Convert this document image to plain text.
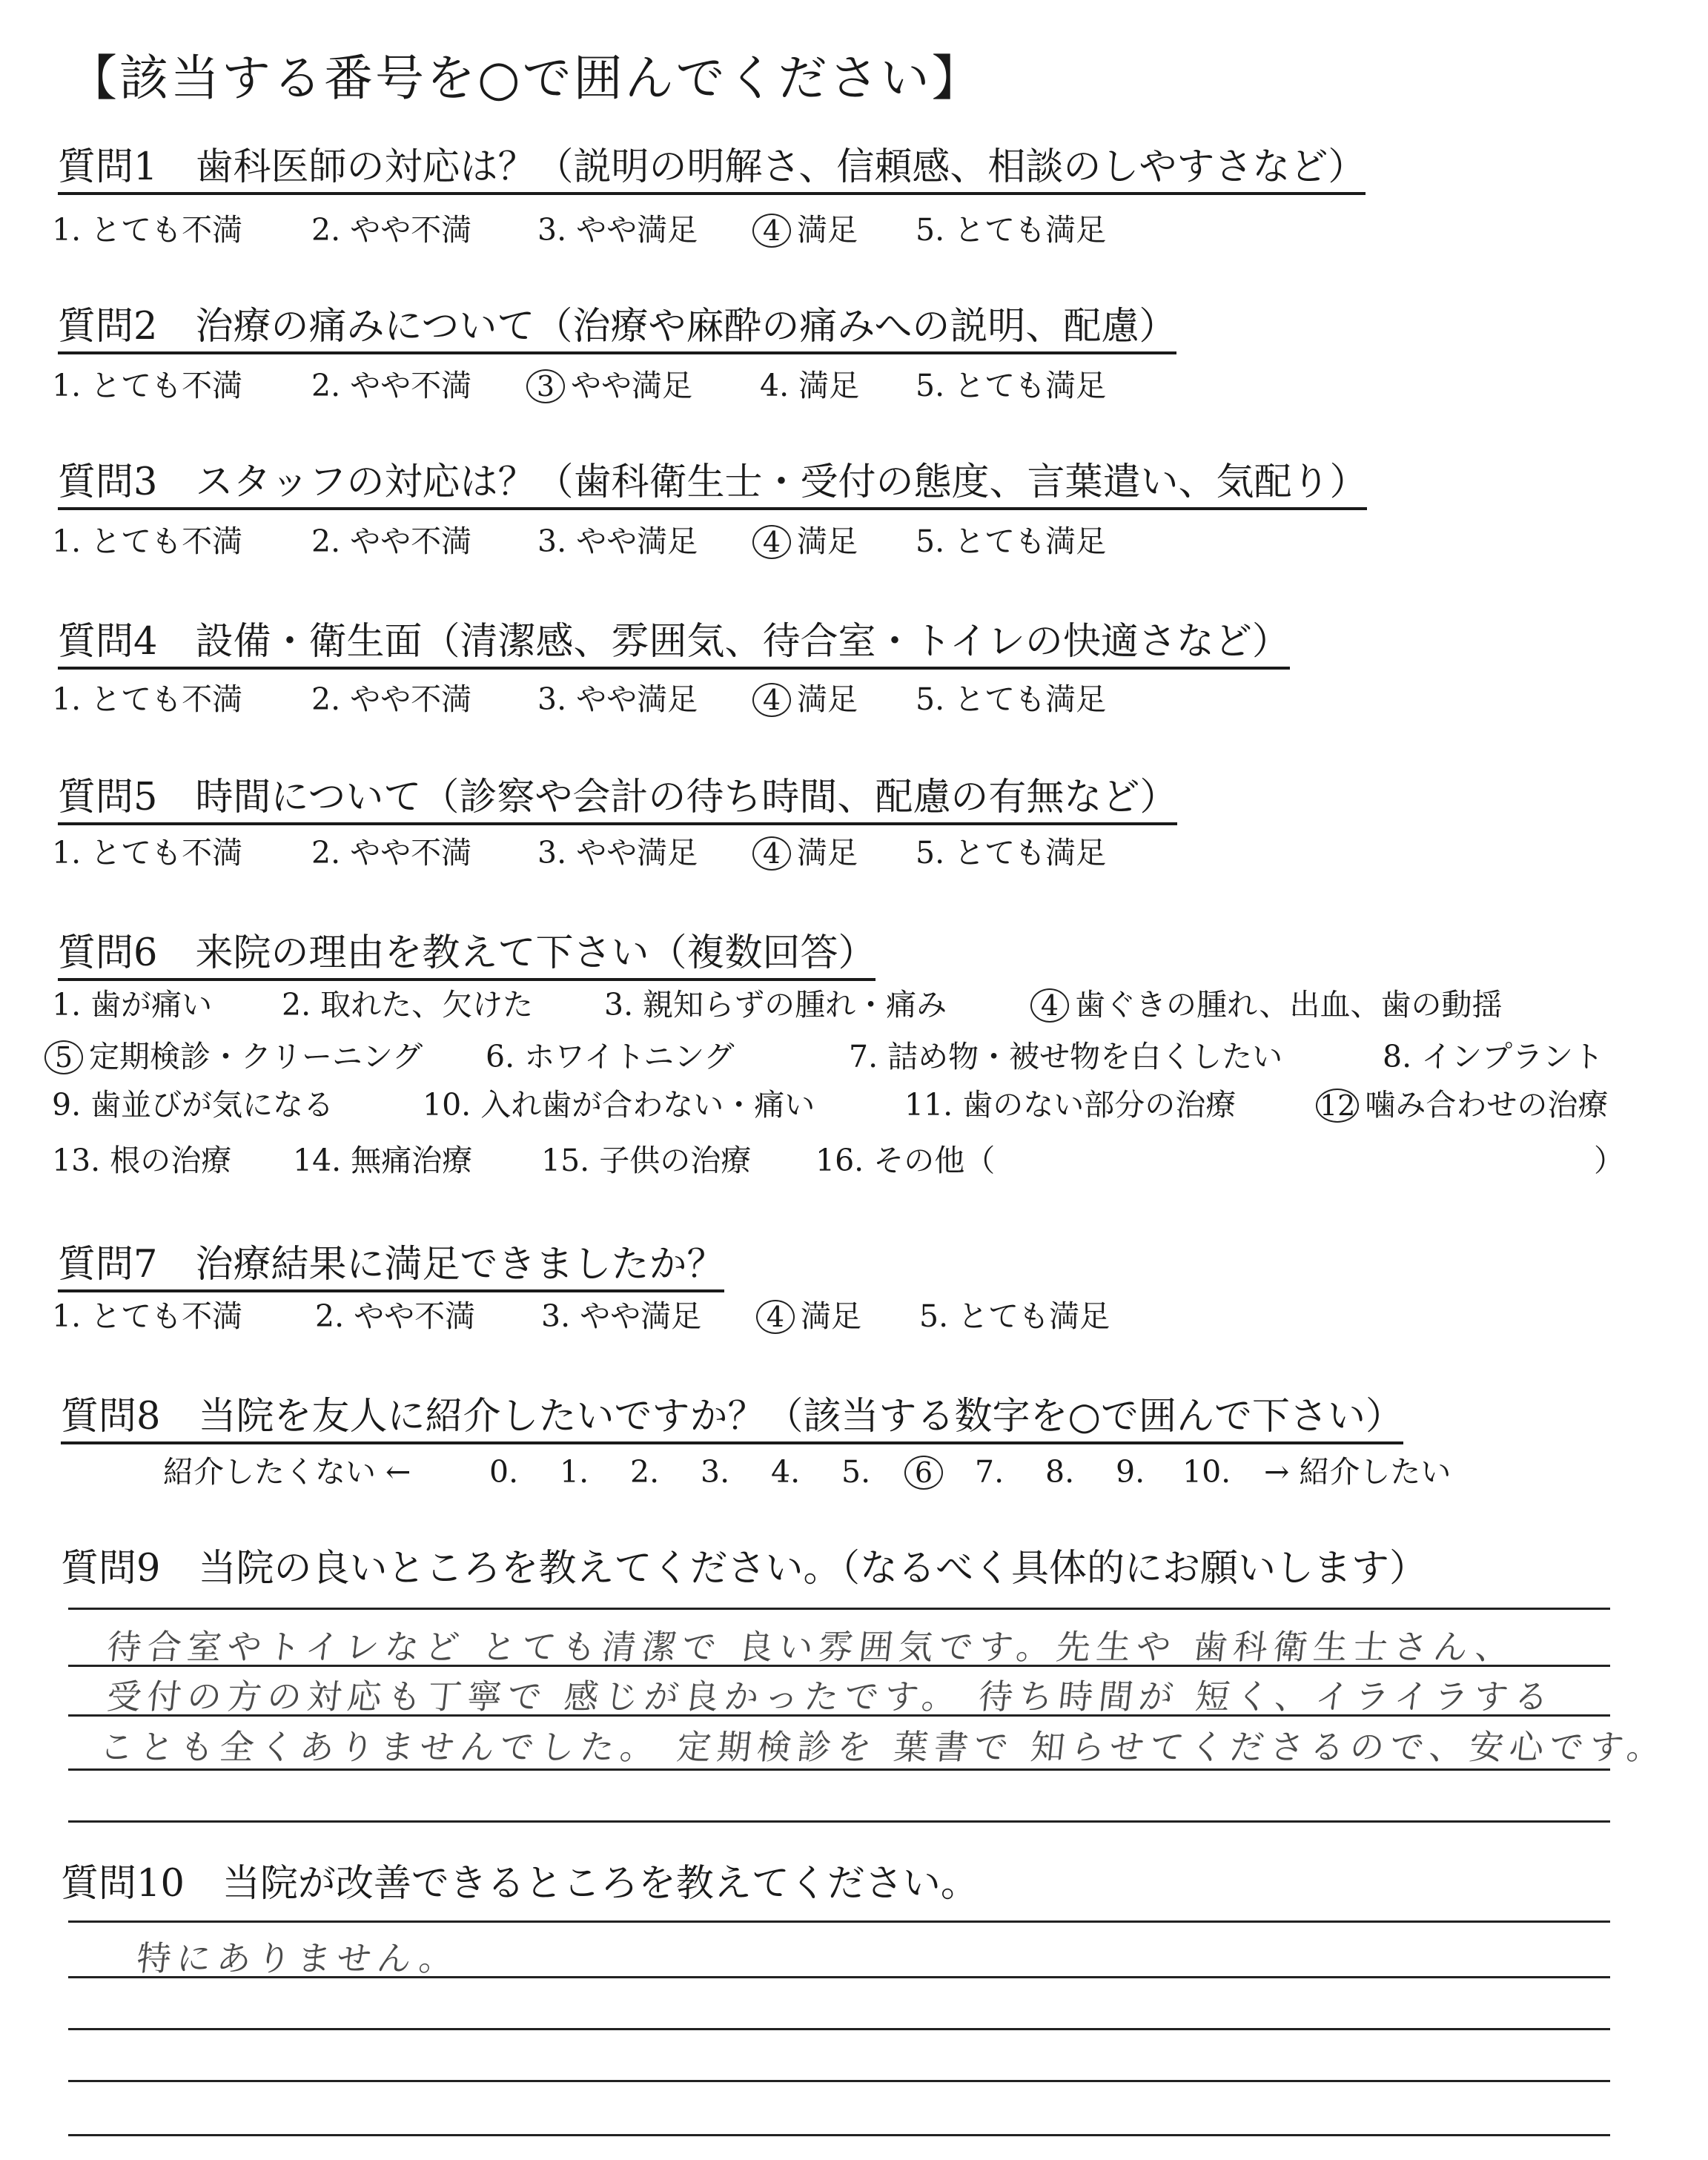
【該当する番号を○で囲んでください】
質問1　歯科医師の対応は？（説明の明解さ、信頼感、相談のしやすさなど）
1. とても不満 2. やや不満 3. やや満足	4 満足 5. とても満足
質問2　治療の痛みについて（治療や麻酔の痛みへの説明、配慮）
1. とても不満 2. やや不満	3 やや満足 4. 満足 5. とても満足
質問3　スタッフの対応は？（歯科衛生士・受付の態度、言葉遣い、気配り）
1. とても不満 2. やや不満 3. やや満足	4 満足 5. とても満足
質問4　設備・衛生面（清潔感、雰囲気、待合室・トイレの快適さなど）
1. とても不満 2. やや不満 3. やや満足	4 満足 5. とても満足
質問5　時間について（診察や会計の待ち時間、配慮の有無など）
1. とても不満 2. やや不満 3. やや満足	4 満足 5. とても満足
質問6　来院の理由を教えて下さい（複数回答）
1. 歯が痛い 2. 取れた、欠けた 3. 親知らずの腫れ・痛み	4 歯ぐきの腫れ、出血、歯の動揺
5 定期検診・クリーニング 6. ホワイトニング	7. 詰め物・被せ物を白くしたい	8. インプラント
9. 歯並びが気になる	10. 入れ歯が合わない・痛い	11. 歯のない部分の治療	12 噛み合わせの治療
13. 根の治療 14. 無痛治療 15. 子供の治療 16. その他（	）
質問7　治療結果に満足できましたか？
1. とても不満 2. やや不満 3. やや満足	4 満足 5. とても満足
質問8　当院を友人に紹介したいですか？（該当する数字を○で囲んで下さい）
紹介したくない ←	0. 1. 2. 3. 4. 5.	6	7. 8. 9. 10. → 紹介したい
質問9　当院の良いところを教えてください。（なるべく具体的にお願いします）
待合室やトイレなど とても清潔で 良い雰囲気です。先生や 歯科衛生士さん、
受付の方の対応も丁寧で 感じが良かったです。 待ち時間が 短く、イライラする
ことも全くありませんでした。 定期検診を 葉書で 知らせてくださるので、安心です。
質問10　当院が改善できるところを教えてください。
特にありません。
